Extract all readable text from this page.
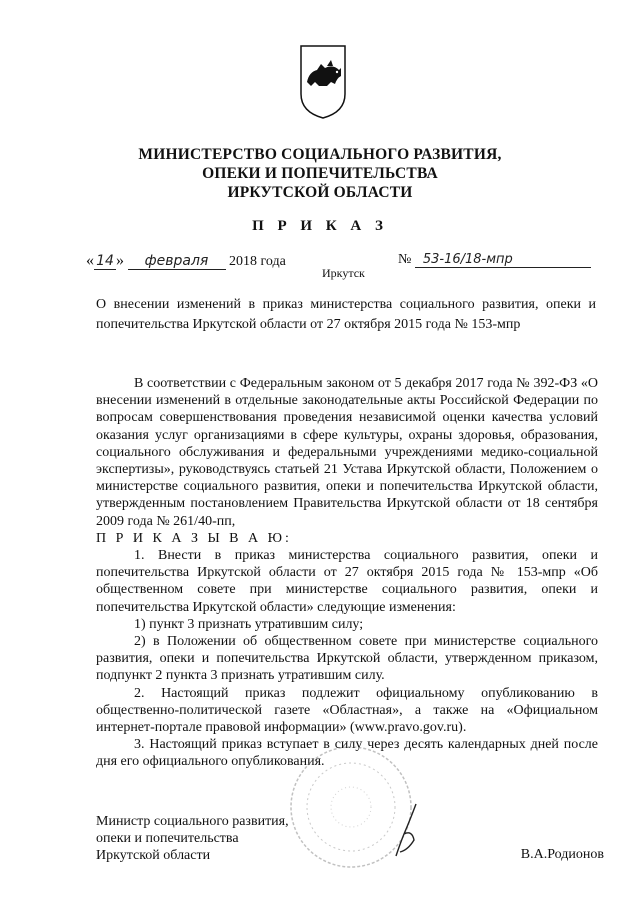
МИНИСТЕРСТВО СОЦИАЛЬНОГО РАЗВИТИЯ,
ОПЕКИ И ПОПЕЧИТЕЛЬСТВА
ИРКУТСКОЙ ОБЛАСТИ
П Р И К А З
« 14 » февраля 2018 года
Иркутск
№ 53-16/18-мпр
О внесении изменений в приказ министерства социального развития, опеки и попечительства Иркутской области от 27 октября 2015 года № 153-мпр

В соответствии с Федеральным законом от 5 декабря 2017 года № 392-ФЗ «О внесении изменений в отдельные законодательные акты Российской Федерации по вопросам совершенствования проведения независимой оценки качества условий оказания услуг организациями в сфере культуры, охраны здоровья, образования, социального обслуживания и федеральными учреждениями медико-социальной экспертизы», руководствуясь статьей 21 Устава Иркутской области, Положением о министерстве социального развития, опеки и попечительства Иркутской области, утвержденным постановлением Правительства Иркутской области от 18 сентября 2009 года № 261/40-пп,

П Р И К А З Ы В А Ю:

1. Внести в приказ министерства социального развития, опеки и попечительства Иркутской области от 27 октября 2015 года № 153-мпр «Об общественном совете при министерстве социального развития, опеки и попечительства Иркутской области» следующие изменения:

1) пункт 3 признать утратившим силу;

2) в Положении об общественном совете при министерстве социального развития, опеки и попечительства Иркутской области, утвержденном приказом, подпункт 2 пункта 3 признать утратившим силу.

2. Настоящий приказ подлежит официальному опубликованию в общественно-политической газете «Областная», а также на «Официальном интернет-портале правовой информации» (www.pravo.gov.ru).

3. Настоящий приказ вступает в силу через десять календарных дней после дня его официального опубликования.

Министр социального развития,
опеки и попечительства
Иркутской области	В.А.Родионов
